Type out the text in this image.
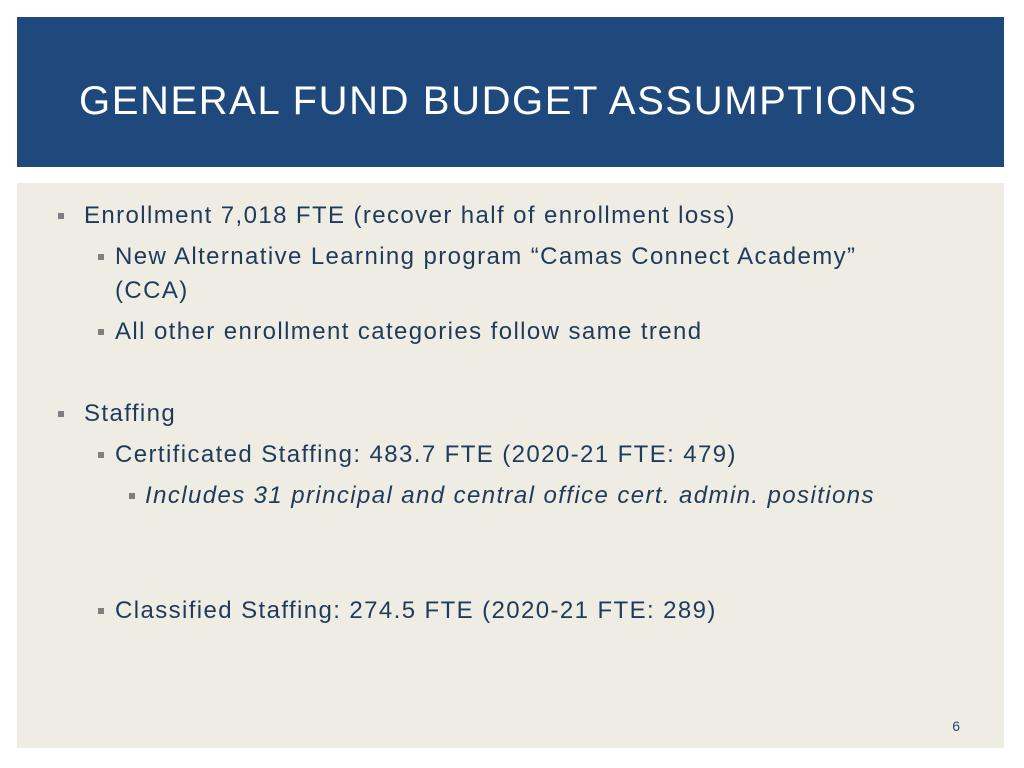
GENERAL FUND BUDGET ASSUMPTIONS
Enrollment 7,018 FTE (recover half of enrollment loss)
New Alternative Learning program “Camas Connect Academy” (CCA)
All other enrollment categories follow same trend
Staffing
Certificated Staffing: 483.7 FTE (2020-21 FTE: 479)
Includes 31 principal and central office cert. admin. positions
Classified Staffing: 274.5 FTE (2020-21 FTE: 289)
6
